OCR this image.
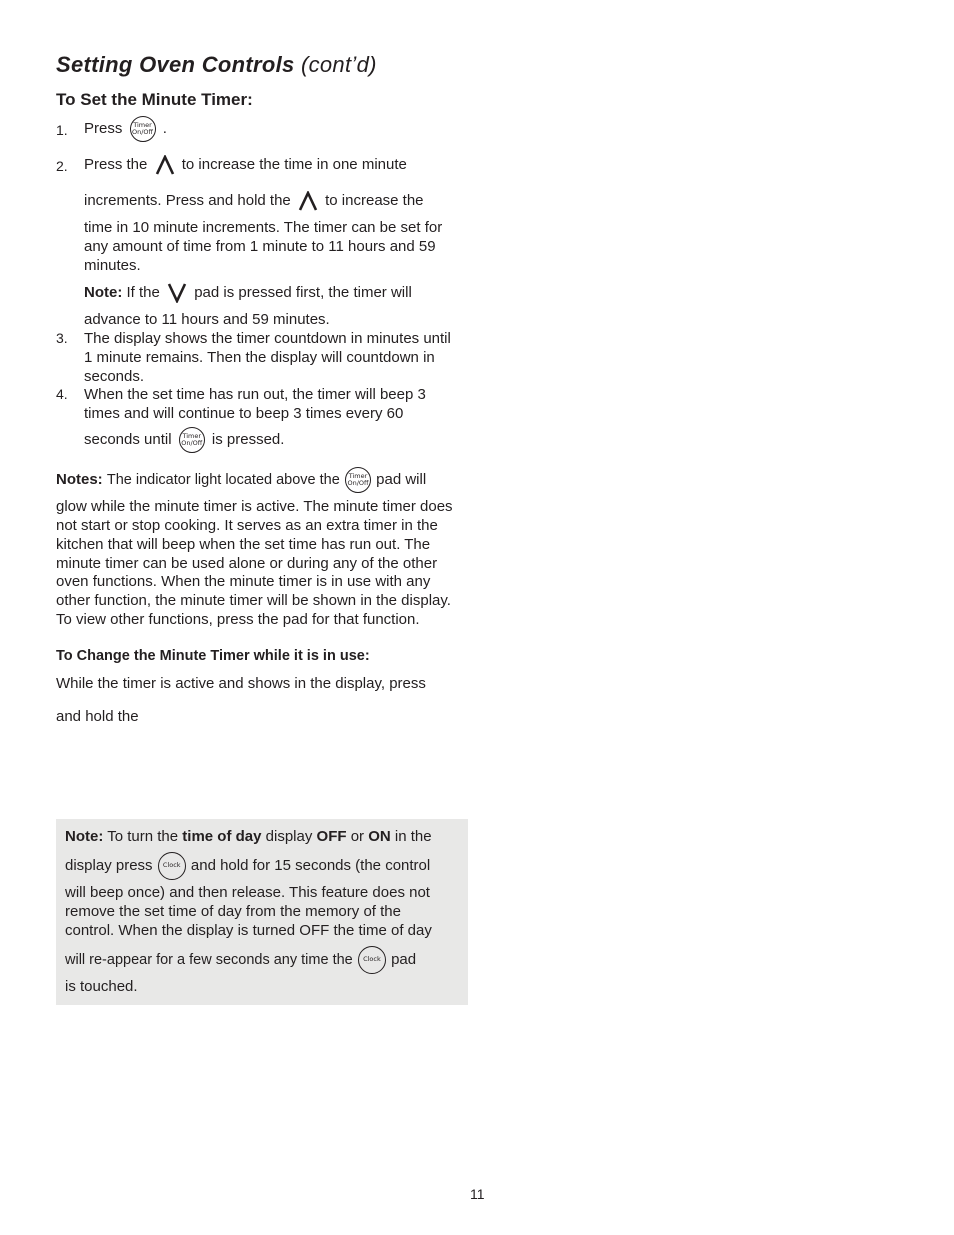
Setting Oven Controls (cont’d)
To Set the Minute Timer:
1. Press Timer
On/Off .
2. Press the to increase the time in one minute
increments. Press and hold the to increase the
time in 10 minute increments. The timer can be set for
any amount of time from 1 minute to 11 hours and 59
minutes.
Note: If the pad is pressed first, the timer will
advance to 11 hours and 59 minutes.
3. The display shows the timer countdown in minutes until
1 minute remains. Then the display will countdown in
seconds.
4. When the set time has run out, the timer will beep 3
times and will continue to beep 3 times every 60
seconds until Timer
On/Off is pressed.
Notes: The indicator light located above the Timer
On/Off pad will
glow while the minute timer is active. The minute timer does
not start or stop cooking. It serves as an extra timer in the
kitchen that will beep when the set time has run out. The
minute timer can be used alone or during any of the other
oven functions. When the minute timer is in use with any
other function, the minute timer will be shown in the display.
To view other functions, press the pad for that function.
To Change the Minute Timer while it is in use:
While the timer is active and shows in the display, press
and hold the
Note: To turn the time of day display OFF or ON in the
display press Clock and hold for 15 seconds (the control
will beep once) and then release. This feature does not
remove the set time of day from the memory of the
control. When the display is turned OFF the time of day
will re-appear for a few seconds any time the Clock pad
is touched.
11
